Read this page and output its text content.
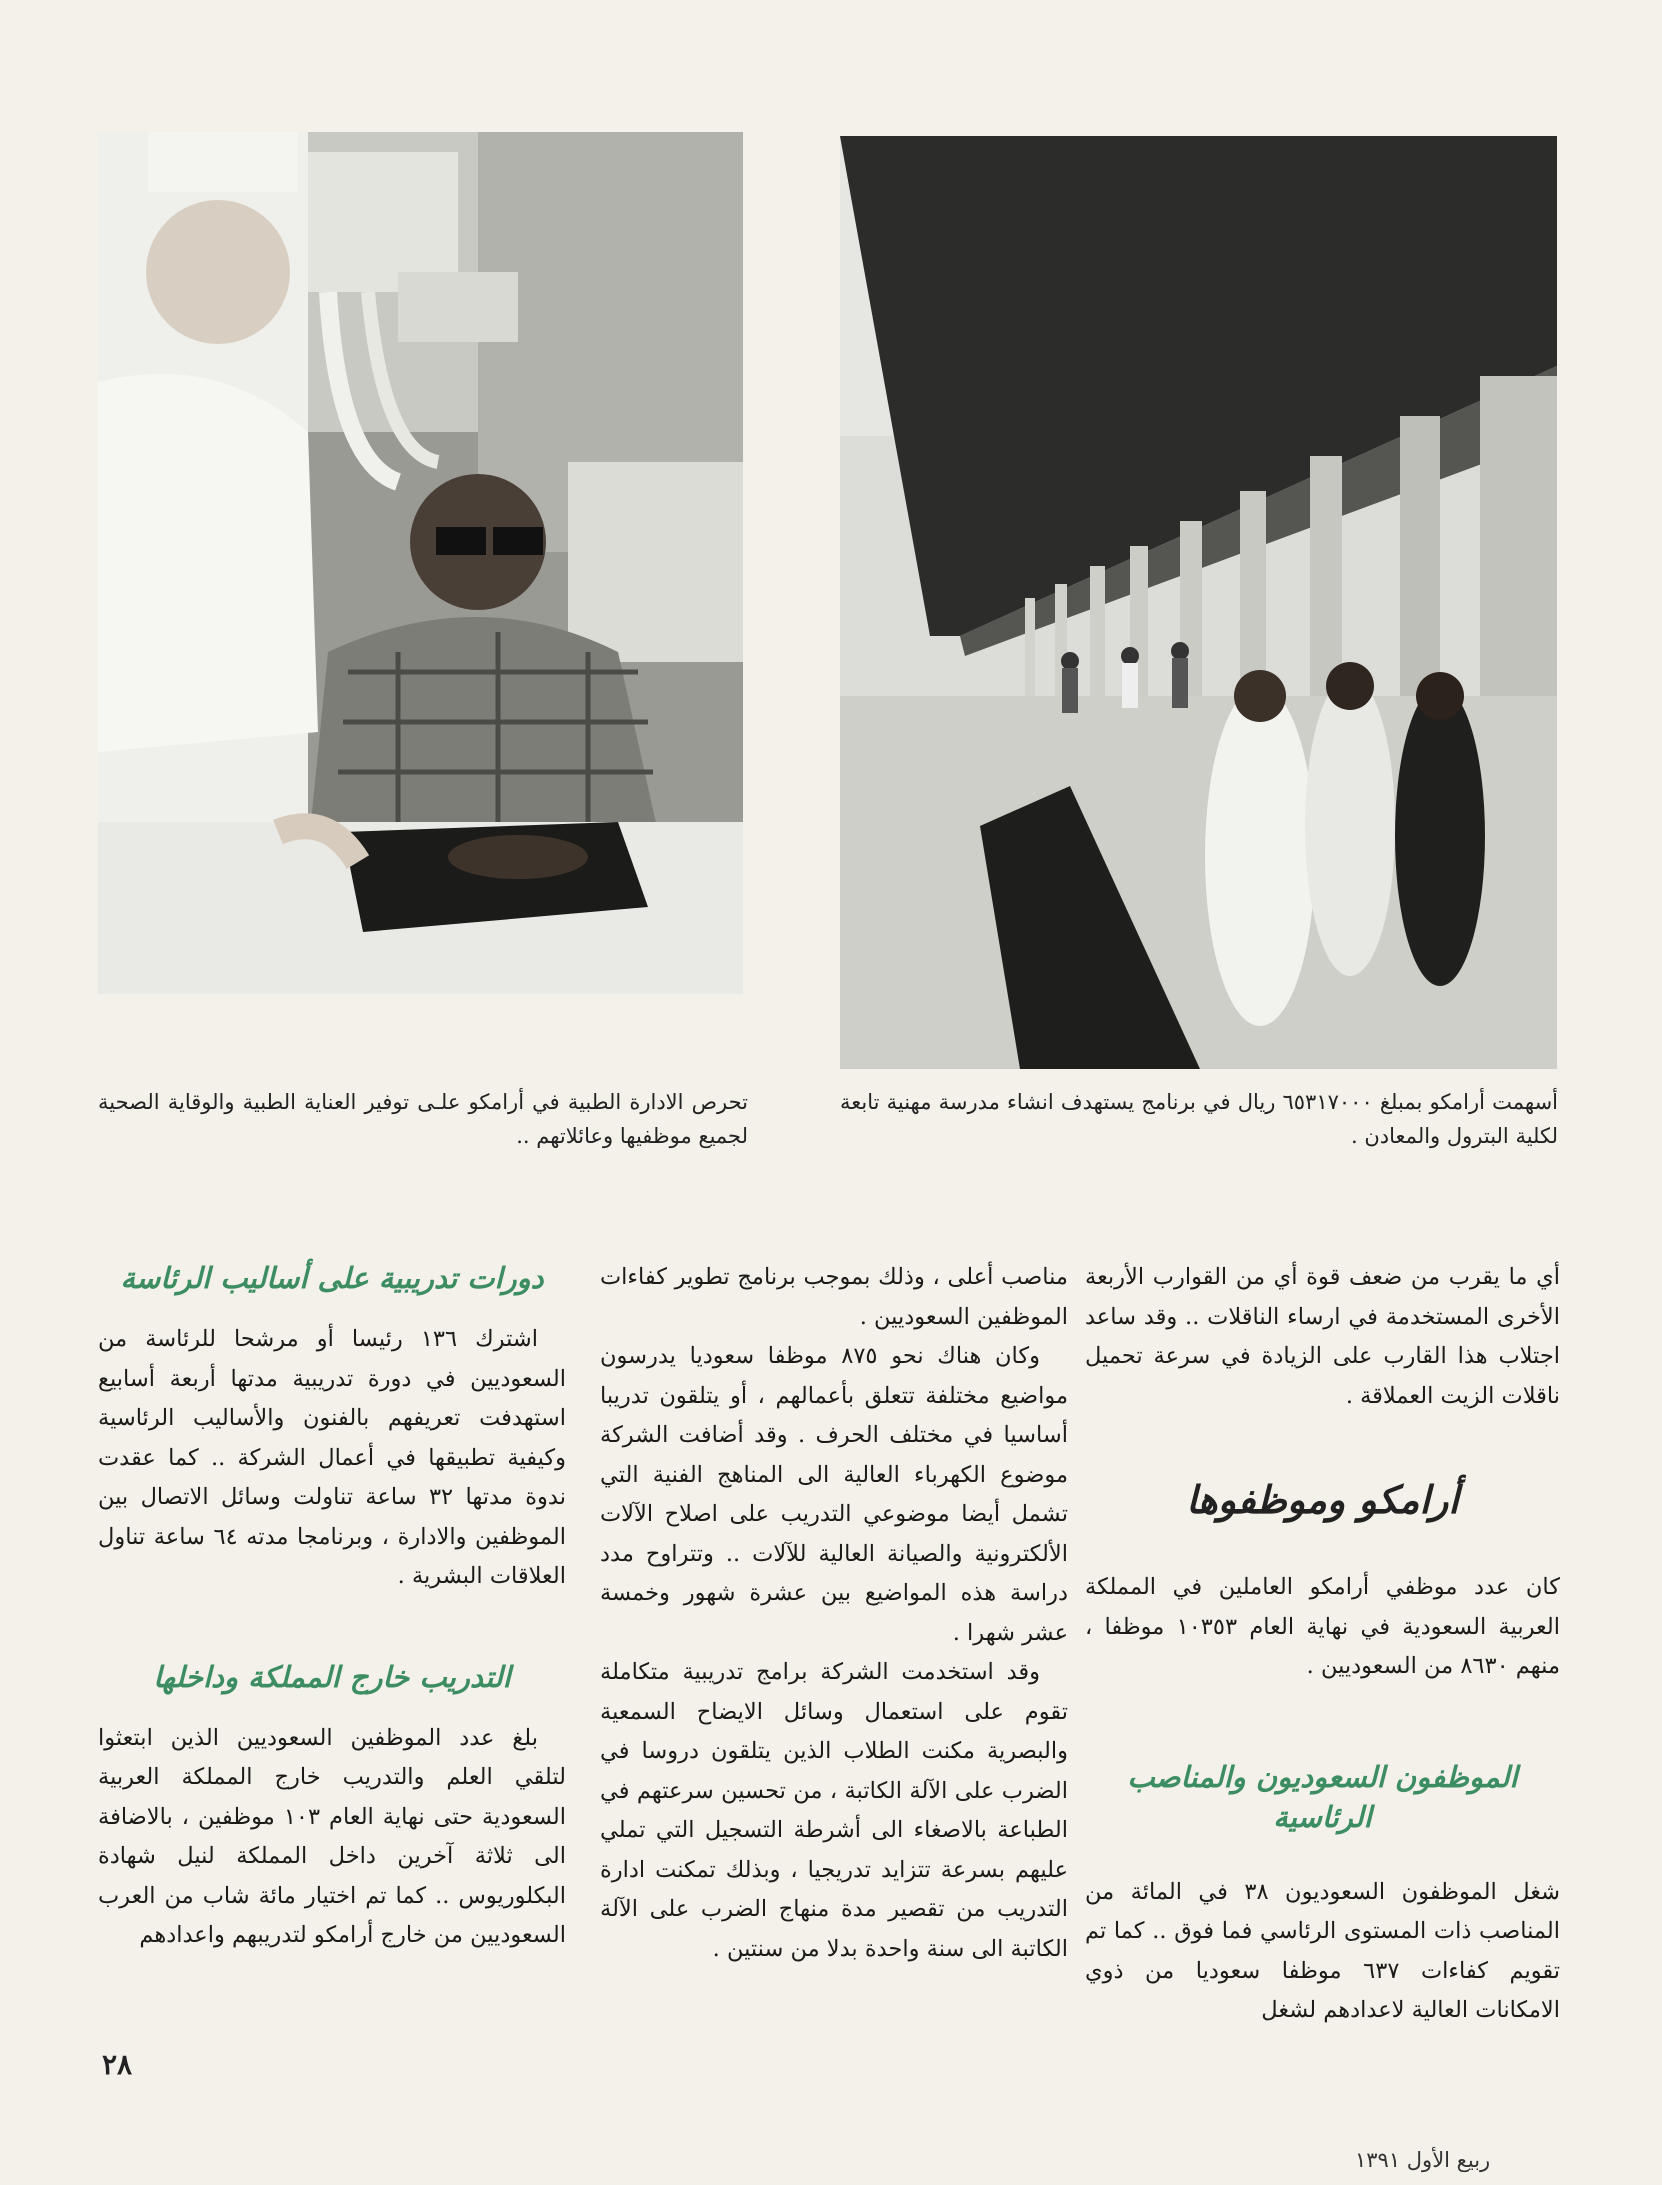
تحرص الادارة الطبية في أرامكو علـى توفير العناية الطبية والوقاية الصحية لجميع موظفيها وعائلاتهم ..
أسهمت أرامكو بمبلغ ٦٥٣١٧٠٠٠ ريال في برنامج يستهدف انشاء مدرسة مهنية تابعة لكلية البترول والمعادن .

أي ما يقرب من ضعف قوة أي من القوارب الأربعة الأخرى المستخدمة في ارساء الناقلات .. وقد ساعد اجتلاب هذا القارب على الزيادة في سرعة تحميل ناقلات الزيت العملاقة .

أرامكو وموظفوها

كان عدد موظفي أرامكو العاملين في المملكة العربية السعودية في نهاية العام ١٠٣٥٣ موظفا ، منهم ٨٦٣٠ من السعوديين .

الموظفون السعوديون والمناصب الرئاسية

شغل الموظفون السعوديون ٣٨ في المائة من المناصب ذات المستوى الرئاسي فما فوق .. كما تم تقويم كفاءات ٦٣٧ موظفا سعوديا من ذوي الامكانات العالية لاعدادهم لشغل

مناصب أعلى ، وذلك بموجب برنامج تطوير كفاءات الموظفين السعوديين .

وكان هناك نحو ٨٧٥ موظفا سعوديا يدرسون مواضيع مختلفة تتعلق بأعمالهم ، أو يتلقون تدريبا أساسيا في مختلف الحرف . وقد أضافت الشركة موضوع الكهرباء العالية الى المناهج الفنية التي تشمل أيضا موضوعي التدريب على اصلاح الآلات الألكترونية والصيانة العالية للآلات .. وتتراوح مدد دراسة هذه المواضيع بين عشرة شهور وخمسة عشر شهرا .

وقد استخدمت الشركة برامج تدريبية متكاملة تقوم على استعمال وسائل الايضاح السمعية والبصرية مكنت الطلاب الذين يتلقون دروسا في الضرب على الآلة الكاتبة ، من تحسين سرعتهم في الطباعة بالاصغاء الى أشرطة التسجيل التي تملي عليهم بسرعة تتزايد تدريجيا ، وبذلك تمكنت ادارة التدريب من تقصير مدة منهاج الضرب على الآلة الكاتبة الى سنة واحدة بدلا من سنتين .

دورات تدريبية على أساليب الرئاسة

اشترك ١٣٦ رئيسا أو مرشحا للرئاسة من السعوديين في دورة تدريبية مدتها أربعة أسابيع استهدفت تعريفهم بالفنون والأساليب الرئاسية وكيفية تطبيقها في أعمال الشركة .. كما عقدت ندوة مدتها ٣٢ ساعة تناولت وسائل الاتصال بين الموظفين والادارة ، وبرنامجا مدته ٦٤ ساعة تناول العلاقات البشرية .

التدريب خارج المملكة وداخلها

بلغ عدد الموظفين السعوديين الذين ابتعثوا لتلقي العلم والتدريب خارج المملكة العربية السعودية حتى نهاية العام ١٠٣ موظفين ، بالاضافة الى ثلاثة آخرين داخل المملكة لنيل شهادة البكلوريوس .. كما تم اختيار مائة شاب من العرب السعوديين من خارج أرامكو لتدريبهم واعدادهم

٢٨
ربيع الأول ١٣٩١
